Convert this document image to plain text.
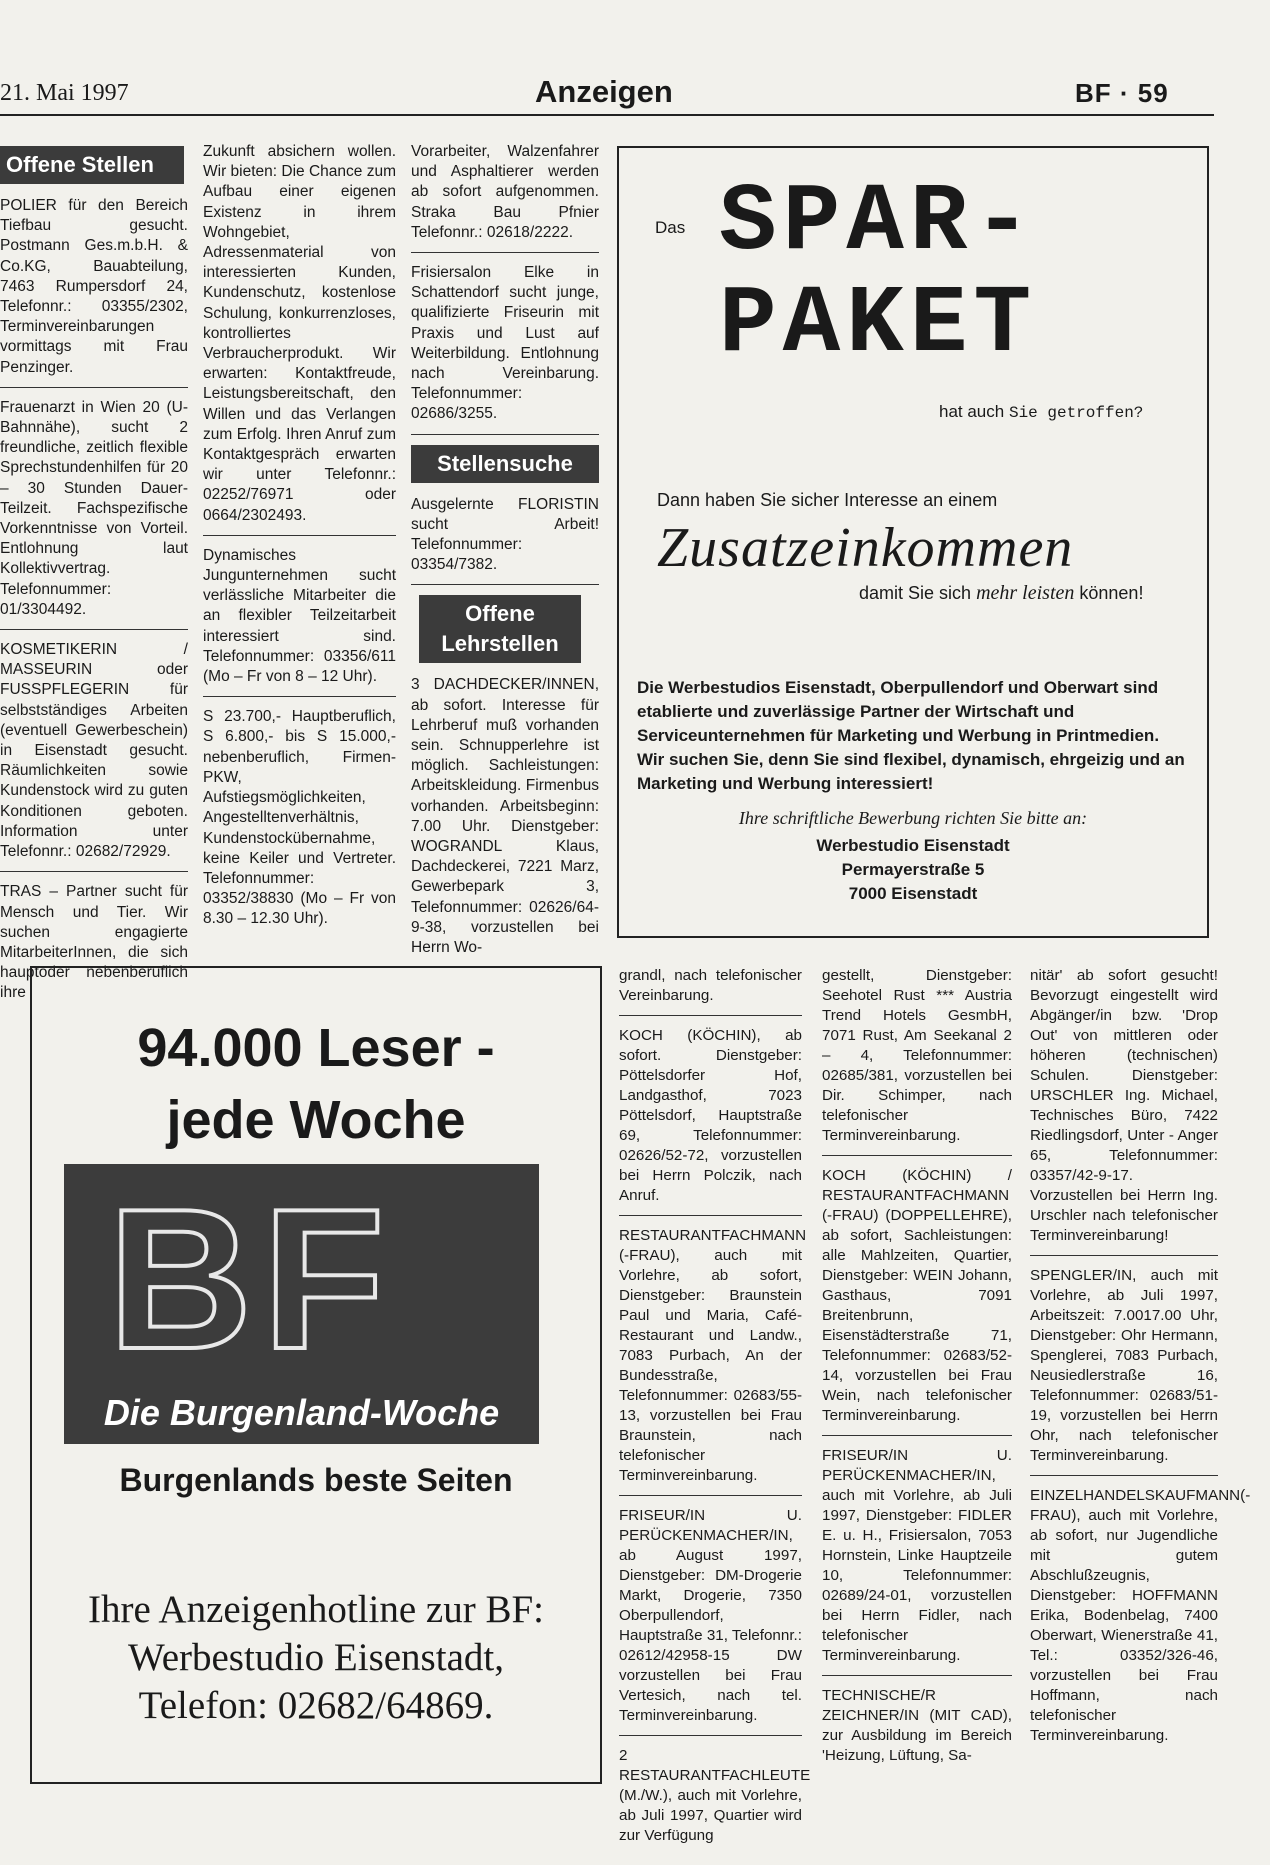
21. Mai 1997	Anzeigen	BF · 59
Offene Stellen
POLIER für den Bereich Tiefbau gesucht. Postmann Ges.m.b.H. & Co.KG, Bauabteilung, 7463 Rumpersdorf 24, Telefonnr.: 03355/2302, Terminvereinbarungen vormittags mit Frau Penzinger.
Frauenarzt in Wien 20 (U-Bahnnähe), sucht 2 freundliche, zeitlich flexible Sprechstundenhilfen für 20 – 30 Stunden Dauer-Teilzeit. Fachspezifische Vorkenntnisse von Vorteil. Entlohnung laut Kollektivvertrag. Telefonnummer: 01/3304492.
KOSMETIKERIN / MASSEURIN oder FUSSPFLEGERIN für selbstständiges Arbeiten (eventuell Gewerbeschein) in Eisenstadt gesucht. Räumlichkeiten sowie Kundenstock wird zu guten Konditionen geboten. Information unter Telefonnr.: 02682/72929.
TRAS – Partner sucht für Mensch und Tier. Wir suchen engagierte MitarbeiterInnen, die sich hauptoder nebenberuflich ihre
Zukunft absichern wollen. Wir bieten: Die Chance zum Aufbau einer eigenen Existenz in ihrem Wohngebiet, Adressenmaterial von interessierten Kunden, Kundenschutz, kostenlose Schulung, konkurrenzloses, kontrolliertes Verbraucherprodukt. Wir erwarten: Kontaktfreude, Leistungsbereitschaft, den Willen und das Verlangen zum Erfolg. Ihren Anruf zum Kontaktgespräch erwarten wir unter Telefonnr.: 02252/76971 oder 0664/2302493.
Dynamisches Jungunternehmen sucht verlässliche Mitarbeiter die an flexibler Teilzeitarbeit interessiert sind. Telefonnummer: 03356/611 (Mo – Fr von 8 – 12 Uhr).
S 23.700,- Hauptberuflich, S 6.800,- bis S 15.000,- nebenberuflich, Firmen-PKW, Aufstiegsmöglichkeiten, Angestelltenverhältnis, Kundenstockübernahme, keine Keiler und Vertreter. Telefonnummer: 03352/38830 (Mo – Fr von 8.30 – 12.30 Uhr).
Vorarbeiter, Walzenfahrer und Asphaltierer werden ab sofort aufgenommen. Straka Bau Pfnier Telefonnr.: 02618/2222.
Frisiersalon Elke in Schattendorf sucht junge, qualifizierte Friseurin mit Praxis und Lust auf Weiterbildung. Entlohnung nach Vereinbarung. Telefonnummer: 02686/3255.
Stellensuche
Ausgelernte FLORISTIN sucht Arbeit! Telefonnummer: 03354/7382.
Offene Lehrstellen
3 DACHDECKER/INNEN, ab sofort. Interesse für Lehrberuf muß vorhanden sein. Schnupperlehre ist möglich. Sachleistungen: Arbeitskleidung. Firmenbus vorhanden. Arbeitsbeginn: 7.00 Uhr. Dienstgeber: WOGRANDL Klaus, Dachdeckerei, 7221 Marz, Gewerbepark 3, Telefonnummer: 02626/64-9-38, vorzustellen bei Herrn Wo-
Das SPAR-
PAKET
hat auch Sie getroffen?
Dann haben Sie sicher Interesse an einem
Zusatzeinkommen
damit Sie sich mehr leisten können!
Die Werbestudios Eisenstadt, Oberpullendorf und Oberwart sind etablierte und zuverlässige Partner der Wirtschaft und Serviceunternehmen für Marketing und Werbung in Printmedien.
Wir suchen Sie, denn Sie sind flexibel, dynamisch, ehrgeizig und an Marketing und Werbung interessiert!
Ihre schriftliche Bewerbung richten Sie bitte an:
Werbestudio Eisenstadt
Permayerstraße 5
7000 Eisenstadt
94.000 Leser -
jede Woche
BF
Die Burgenland-Woche
Burgenlands beste Seiten
Ihre Anzeigenhotline zur BF:
Werbestudio Eisenstadt,
Telefon: 02682/64869.
grandl, nach telefonischer Vereinbarung.
KOCH (KÖCHIN), ab sofort. Dienstgeber: Pöttelsdorfer Hof, Landgasthof, 7023 Pöttelsdorf, Hauptstraße 69, Telefonnummer: 02626/52-72, vorzustellen bei Herrn Polczik, nach Anruf.
RESTAURANTFACHMANN (-FRAU), auch mit Vorlehre, ab sofort, Dienstgeber: Braunstein Paul und Maria, Café-Restaurant und Landw., 7083 Purbach, An der Bundesstraße, Telefonnummer: 02683/55-13, vorzustellen bei Frau Braunstein, nach telefonischer Terminvereinbarung.
FRISEUR/IN U. PERÜCKENMACHER/IN, ab August 1997, Dienstgeber: DM-Drogerie Markt, Drogerie, 7350 Oberpullendorf, Hauptstraße 31, Telefonnr.: 02612/42958-15 DW vorzustellen bei Frau Vertesich, nach tel. Terminvereinbarung.
2 RESTAURANTFACHLEUTE (M./W.), auch mit Vorlehre, ab Juli 1997, Quartier wird zur Verfügung
gestellt, Dienstgeber: Seehotel Rust *** Austria Trend Hotels GesmbH, 7071 Rust, Am Seekanal 2 – 4, Telefonnummer: 02685/381, vorzustellen bei Dir. Schimper, nach telefonischer Terminvereinbarung.
KOCH (KÖCHIN) / RESTAURANTFACHMANN (-FRAU) (DOPPELLEHRE), ab sofort, Sachleistungen: alle Mahlzeiten, Quartier, Dienstgeber: WEIN Johann, Gasthaus, 7091 Breitenbrunn, Eisenstädterstraße 71, Telefonnummer: 02683/52-14, vorzustellen bei Frau Wein, nach telefonischer Terminvereinbarung.
FRISEUR/IN U. PERÜCKENMACHER/IN, auch mit Vorlehre, ab Juli 1997, Dienstgeber: FIDLER E. u. H., Frisiersalon, 7053 Hornstein, Linke Hauptzeile 10, Telefonnummer: 02689/24-01, vorzustellen bei Herrn Fidler, nach telefonischer Terminvereinbarung.
TECHNISCHE/R ZEICHNER/IN (MIT CAD), zur Ausbildung im Bereich 'Heizung, Lüftung, Sa-
nitär' ab sofort gesucht! Bevorzugt eingestellt wird Abgänger/in bzw. 'Drop Out' von mittleren oder höheren (technischen) Schulen. Dienstgeber: URSCHLER Ing. Michael, Technisches Büro, 7422 Riedlingsdorf, Unter - Anger 65, Telefonnummer: 03357/42-9-17. Vorzustellen bei Herrn Ing. Urschler nach telefonischer Terminvereinbarung!
SPENGLER/IN, auch mit Vorlehre, ab Juli 1997, Arbeitszeit: 7.0017.00 Uhr, Dienstgeber: Ohr Hermann, Spenglerei, 7083 Purbach, Neusiedlerstraße 16, Telefonnummer: 02683/51-19, vorzustellen bei Herrn Ohr, nach telefonischer Terminvereinbarung.
EINZELHANDELSKAUFMANN(-FRAU), auch mit Vorlehre, ab sofort, nur Jugendliche mit gutem Abschlußzeugnis, Dienstgeber: HOFFMANN Erika, Bodenbelag, 7400 Oberwart, Wienerstraße 41, Tel.: 03352/326-46, vorzustellen bei Frau Hoffmann, nach telefonischer Terminvereinbarung.
